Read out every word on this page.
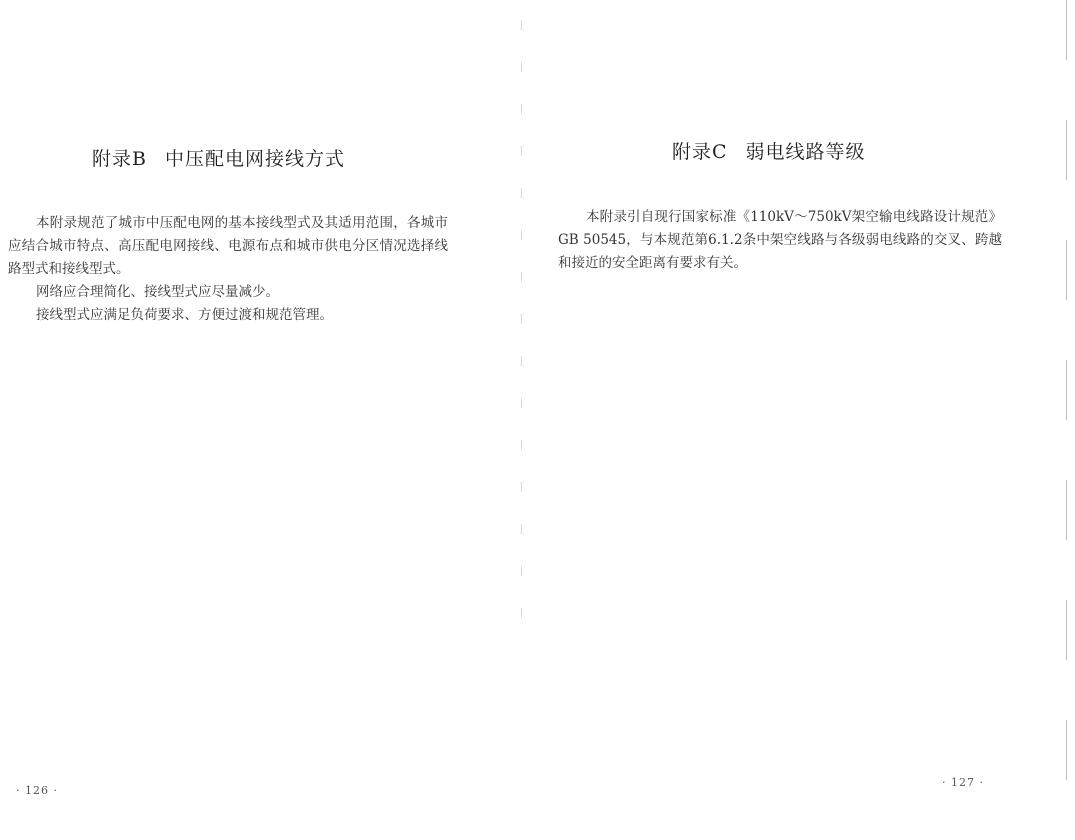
附录B 中压配电网接线方式

本附录规范了城市中压配电网的基本接线型式及其适用范围，各城市应结合城市特点、高压配电网接线、电源布点和城市供电分区情况选择线路型式和接线型式。

网络应合理简化、接线型式应尽量减少。

接线型式应满足负荷要求、方便过渡和规范管理。

· 126 ·
附录C 弱电线路等级

本附录引自现行国家标准《110kV～750kV架空输电线路设计规范》GB 50545，与本规范第6.1.2条中架空线路与各级弱电线路的交叉、跨越和接近的安全距离有要求有关。

· 127 ·
